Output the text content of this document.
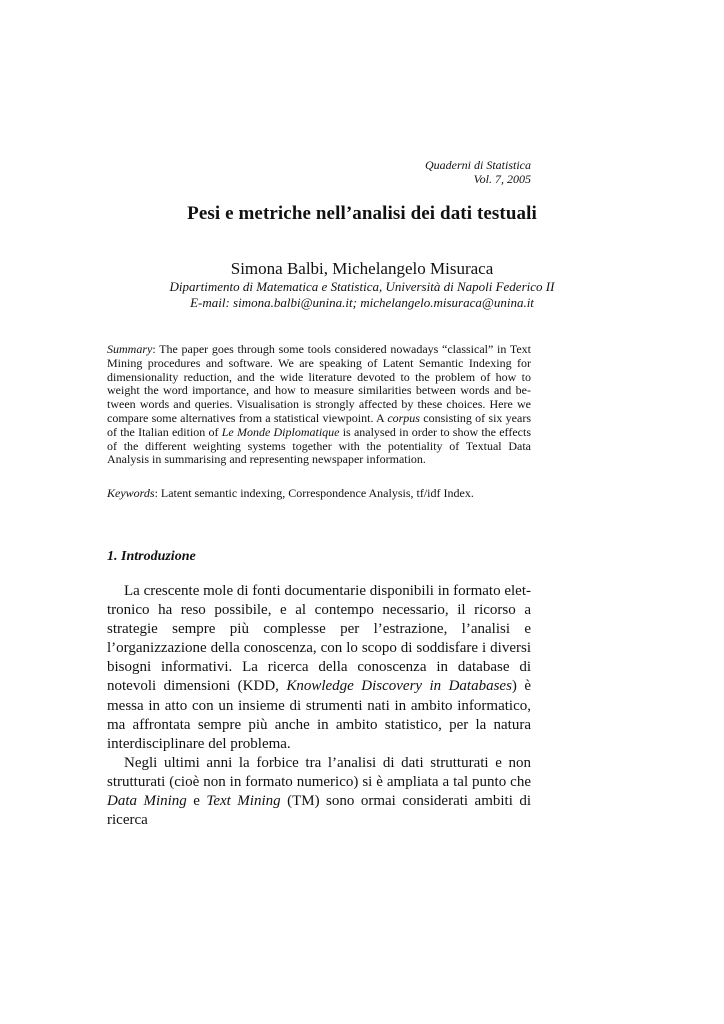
Quaderni di Statistica
Vol. 7, 2005
Pesi e metriche nell’analisi dei dati testuali
Simona Balbi, Michelangelo Misuraca
Dipartimento di Matematica e Statistica, Università di Napoli Federico II
E-mail: simona.balbi@unina.it; michelangelo.misuraca@unina.it
Summary: The paper goes through some tools considered nowadays “classical” in Text Mining procedures and software. We are speaking of Latent Semantic Indexing for dimensionality reduction, and the wide literature devoted to the problem of how to weight the word importance, and how to measure similarities between words and between words and queries. Visualisation is strongly affected by these choices. Here we compare some alternatives from a statistical viewpoint. A corpus consisting of six years of the Italian edition of Le Monde Diplomatique is analysed in order to show the effects of the different weighting systems together with the potentiality of Textual Data Analysis in summarising and representing newspaper information.
Keywords: Latent semantic indexing, Correspondence Analysis, tf/idf Index.
1. Introduzione

La crescente mole di fonti documentarie disponibili in formato elettronico ha reso possibile, e al contempo necessario, il ricorso a strategie sempre più complesse per l’estrazione, l’analisi e l’organizzazione della conoscenza, con lo scopo di soddisfare i diversi bisogni informativi. La ricerca della conoscenza in database di notevoli dimensioni (KDD, Knowledge Discovery in Databases) è messa in atto con un insieme di strumenti nati in ambito informatico, ma affrontata sempre più anche in ambito statistico, per la natura interdisciplinare del problema.

Negli ultimi anni la forbice tra l’analisi di dati strutturati e non strutturati (cioè non in formato numerico) si è ampliata a tal punto che Data Mining e Text Mining (TM) sono ormai considerati ambiti di ricerca
